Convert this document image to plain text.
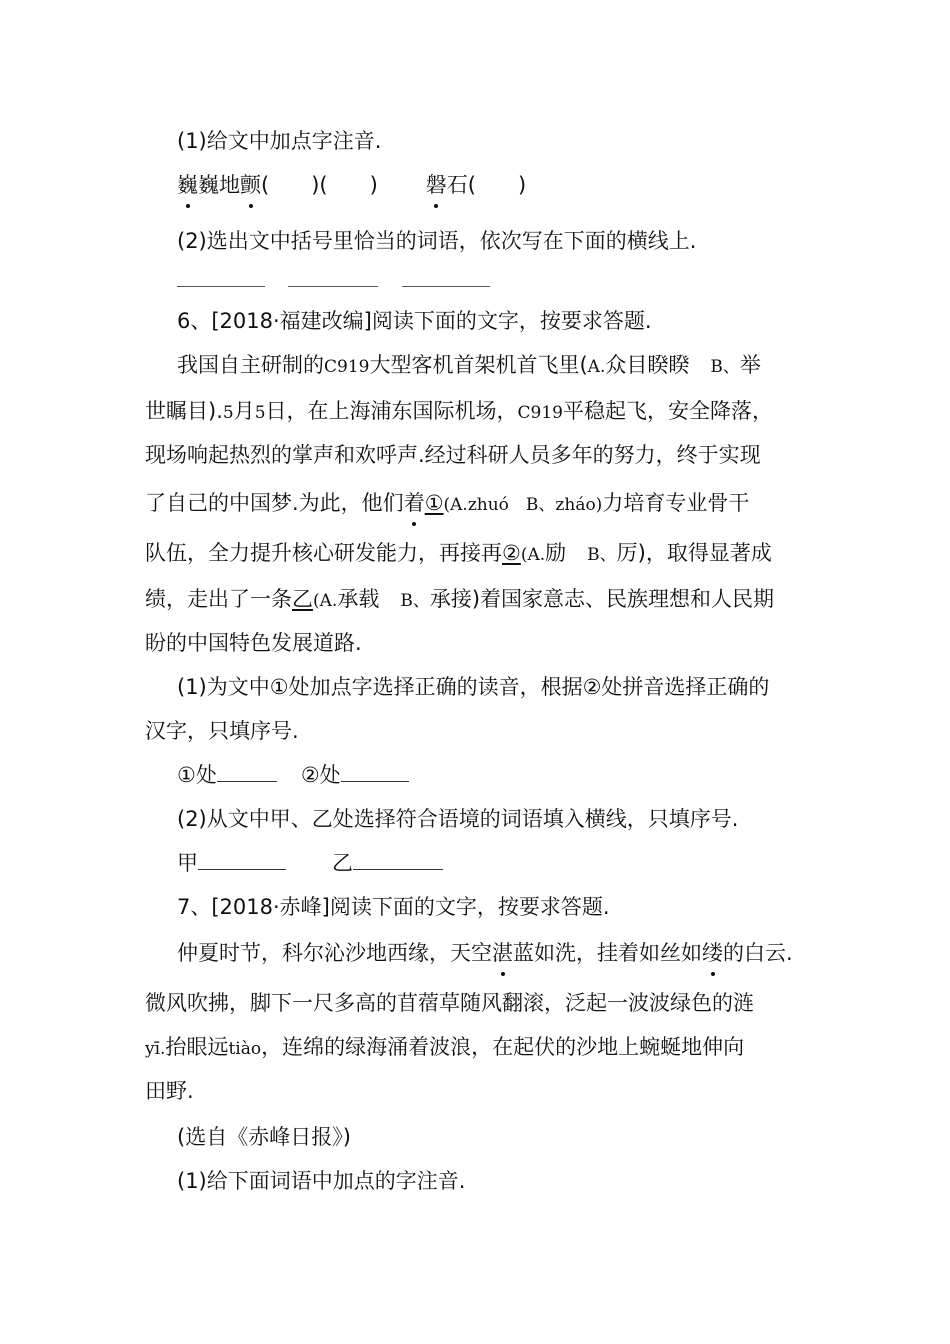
(1)给文中加点字注音.
巍巍地颤(　　)(　　) 磐石(　　)
(2)选出文中括号里恰当的词语，依次写在下面的横线上.
6、[2018·福建改编]阅读下面的文字，按要求答题.
我国自主研制的C919大型客机首架机首飞里(A.众目睽睽　B、举
世瞩目).5月5日，在上海浦东国际机场，C919平稳起飞，安全降落，
现场响起热烈的掌声和欢呼声.经过科研人员多年的努力，终于实现
了自己的中国梦.为此，他们着①(A.zhuó　B、zháo)力培育专业骨干
队伍，全力提升核心研发能力，再接再②(A.励　B、厉)，取得显著成
绩，走出了一条乙(A.承载　B、承接)着国家意志、民族理想和人民期
盼的中国特色发展道路.
(1)为文中①处加点字选择正确的读音，根据②处拼音选择正确的
汉字，只填序号.
①处	②处
(2)从文中甲、乙处选择符合语境的词语填入横线，只填序号.
甲	乙
7、[2018·赤峰]阅读下面的文字，按要求答题.
仲夏时节，科尔沁沙地西缘，天空湛蓝如洗，挂着如丝如缕的白云.
微风吹拂，脚下一尺多高的苜蓿草随风翻滚，泛起一波波绿色的涟
yī.抬眼远tiào，连绵的绿海涌着波浪，在起伏的沙地上蜿蜒地伸向
田野.
(选自《赤峰日报》)
(1)给下面词语中加点的字注音.
